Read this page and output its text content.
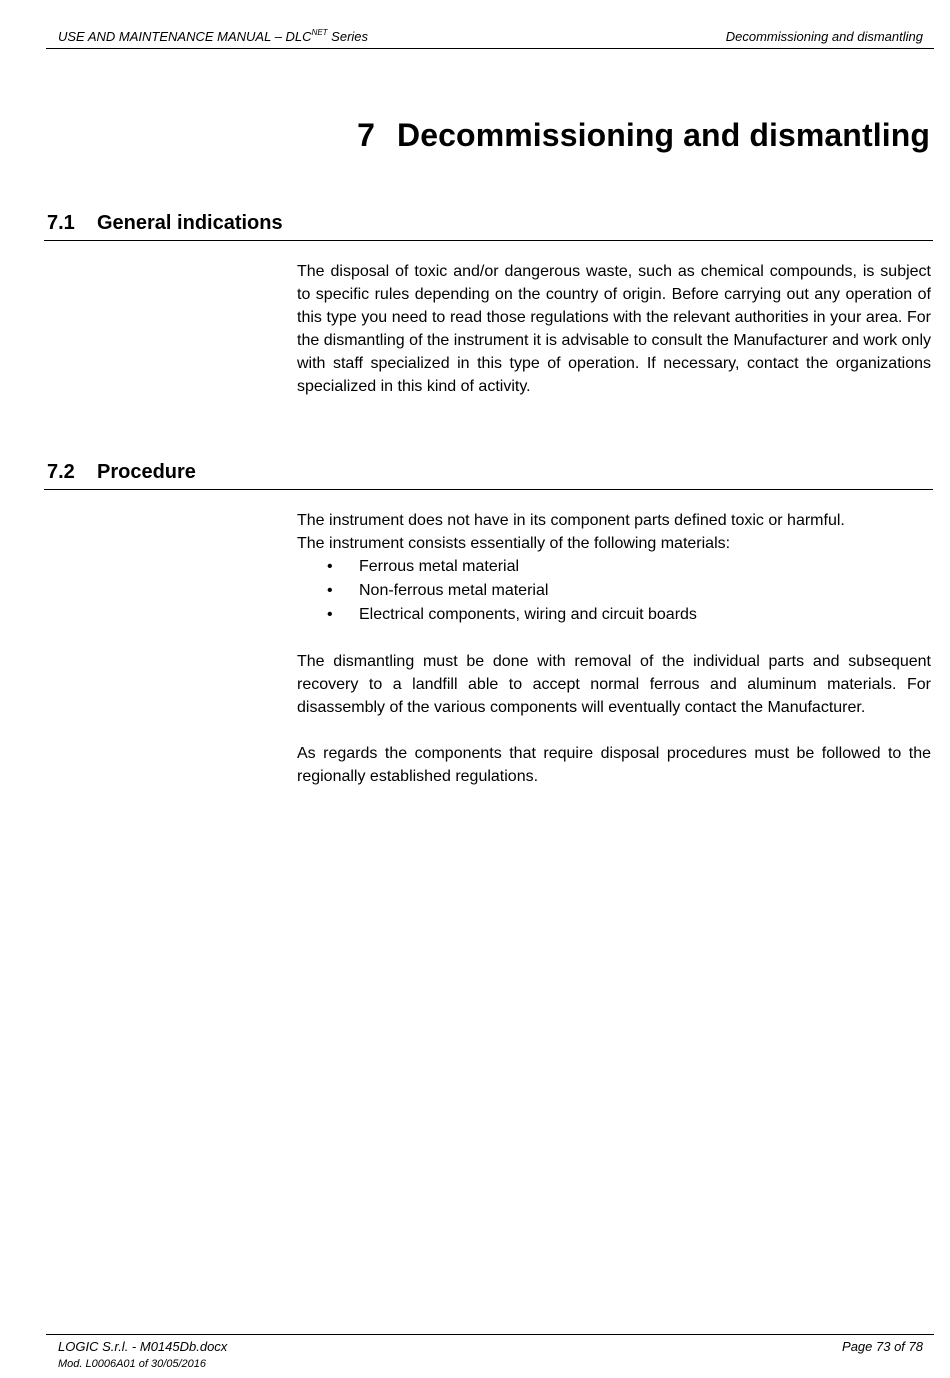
USE AND MAINTENANCE MANUAL – $DLC^{NET}$ Series	Decommissioning and dismantling
7 Decommissioning and dismantling
7.1 General indications

The disposal of toxic and/or dangerous waste, such as chemical compounds, is subject to specific rules depending on the country of origin. Before carrying out any operation of this type you need to read those regulations with the relevant authorities in your area. For the dismantling of the instrument it is advisable to consult the Manufacturer and work only with staff specialized in this type of operation. If necessary, contact the organizations specialized in this kind of activity.

7.2 Procedure

The instrument does not have in its component parts defined toxic or harmful.

The instrument consists essentially of the following materials:

• Ferrous metal material
• Non-ferrous metal material
• Electrical components, wiring and circuit boards

The dismantling must be done with removal of the individual parts and subsequent recovery to a landfill able to accept normal ferrous and aluminum materials. For disassembly of the various components will eventually contact the Manufacturer.

As regards the components that require disposal procedures must be followed to the regionally established regulations.

LOGIC S.r.l. - M0145Db.docx	Page 73 of 78
Mod. L0006A01 of 30/05/2016
